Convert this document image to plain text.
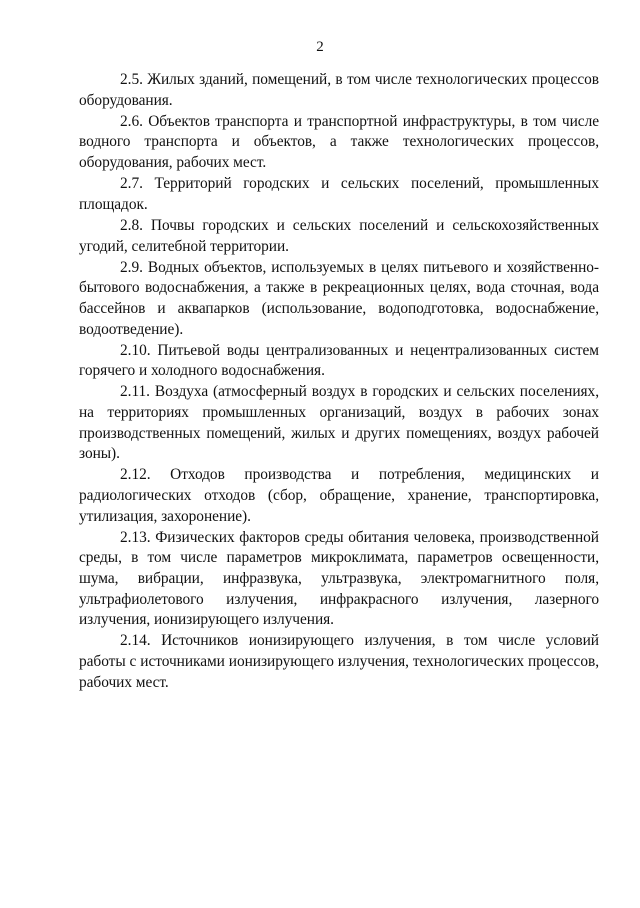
2

2.5. Жилых зданий, помещений, в том числе технологических процессов оборудования.

2.6. Объектов транспорта и транспортной инфраструктуры, в том числе водного транспорта и объектов, а также технологических процессов, оборудования, рабочих мест.

2.7. Территорий городских и сельских поселений, промышленных площадок.

2.8. Почвы городских и сельских поселений и сельскохозяйственных угодий, селитебной территории.

2.9. Водных объектов, используемых в целях питьевого и хозяйственно-бытового водоснабжения, а также в рекреационных целях, вода сточная, вода бассейнов и аквапарков (использование, водоподготовка, водоснабжение, водоотведение).

2.10. Питьевой воды централизованных и нецентрализованных систем горячего и холодного водоснабжения.

2.11. Воздуха (атмосферный воздух в городских и сельских поселениях, на территориях промышленных организаций, воздух в рабочих зонах производственных помещений, жилых и других помещениях, воздух рабочей зоны).

2.12. Отходов производства и потребления, медицинских и радиологических отходов (сбор, обращение, хранение, транспортировка, утилизация, захоронение).

2.13. Физических факторов среды обитания человека, производственной среды, в том числе параметров микроклимата, параметров освещенности, шума, вибрации, инфразвука, ультразвука, электромагнитного поля, ультрафиолетового излучения, инфракрасного излучения, лазерного излучения, ионизирующего излучения.

2.14. Источников ионизирующего излучения, в том числе условий работы с источниками ионизирующего излучения, технологических процессов, рабочих мест.
